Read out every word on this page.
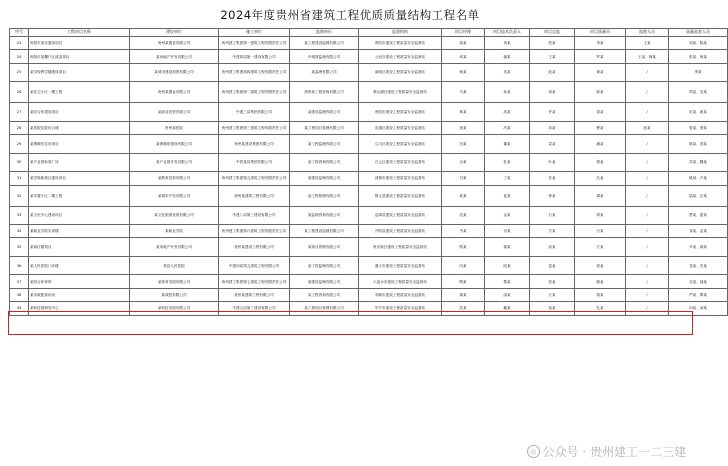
2024年度贵州省建筑工程优质质量结构工程名单
序号	工程项目名称	建设单位	施工单位	监理单位	监督机构	项目经理	项目技术负责人	项目总监	项目质量员	监理人员	质量监督人员
23	贵阳市某安置房项目	贵州某置业有限公司	贵州建工集团第一建筑工程有限责任公司	某工程建设监理有限公司	贵阳市建设工程质量安全监督站	周某	冉某	张某	李某	王某	刘某、陈某
24	贵阳市某棚户区改造项目	某房地产开发有限公司	中建四局第一建设有限公司	中城建监理有限公司	云岩区建设工程质量安全监督站	何某	谢某	王某	罗某	王某、韩某	张某、杨某
25	某学校教学楼建设项目	某城市建设投资有限公司	贵州建工集团第四建筑工程有限责任公司	某监理有限公司	南明区建设工程质量安全监督站	杨某	吴某	赵某	黄某	/	李某
26	某住宅小区一期工程	贵州某置业有限公司	贵州建工集团第二建筑工程有限责任公司	贵州某工程咨询有限公司	观山湖区建设工程质量安全监督站	马某	孙某	周某	陈某	/	郑某、吴某
27	某综合体建设项目	某商业投资有限公司	中建三局集团有限公司	某建设监理有限公司	贵阳市建设工程质量安全监督站	林某	高某	许某	梁某	/	宋某、唐某
28	某医院住院综合楼	贵州某医院	贵州建工集团第三建筑工程有限责任公司	某工程项目管理有限公司	花溪区建设工程质量安全监督站	徐某	冯某	邓某	曹某	彭某	曾某、萧某
29	某保障性住房项目	某保障房建设有限公司	贵州某建设集团有限公司	某工程监理有限公司	乌当区建设工程质量安全监督站	田某	董某	袁某	潘某	/	蒋某、蔡某
30	某产业园标准厂房	某产业园开发有限公司	中铁某局集团有限公司	某工程咨询有限公司	白云区建设工程质量安全监督站	余某	杜某	叶某	程某	/	苏某、魏某
31	某学校新校区建设项目	某教育投资有限公司	贵州建工集团第五建筑工程有限责任公司	某建设监理有限公司	清镇市建设工程质量安全监督站	吕某	丁某	任某	沈某	/	姚某、卢某
32	某安置小区二期工程	某城市开发有限公司	贵州某建筑工程有限公司	某工程管理有限公司	修文县建设工程质量安全监督站	姜某	崔某	钟某	谭某	/	陆某、汪某
33	某文化中心建设项目	某文化旅游发展有限公司	中建八局第三建设有限公司	某监理咨询有限公司	息烽县建设工程质量安全监督站	范某	金某	石某	廖某	/	贾某、夏某
34	某职业学院实训楼	某职业学院	贵州建工集团第六建筑工程有限责任公司	某工程建设监理有限公司	开阳县建设工程质量安全监督站	韦某	付某	方某	白某	/	邹某、孟某
35	某商住楼项目	某房地产开发有限公司	贵州某建设工程有限公司	某项目管理有限公司	贵安新区建设工程质量安全监督站	熊某	秦某	邱某	江某	/	尹某、薛某
36	某人民医院门诊楼	某县人民医院	中建四局第五建筑工程有限公司	某工程监理有限公司	遵义市建设工程质量安全监督站	闫某	段某	雷某	侯某	/	龙某、史某
37	某综合体育馆	某体育发展有限公司	贵州建工集团第七建筑工程有限责任公司	某建设监理有限公司	六盘水市建设工程质量安全监督站	陶某	黎某	贺某	顾某	/	毛某、郝某
38	某市政配套用房	某城投有限公司	贵州某建筑工程有限公司	某工程咨询有限公司	安顺市建设工程质量安全监督站	龚某	邵某	万某	钱某	/	严某、覃某
39	某科技园研发中心	某科技发展有限公司	中建五局第三建设有限公司	某工程项目管理有限公司	毕节市建设工程质量安全监督站	武某	戴某	莫某	孔某	/	向某、汤某
◎ 公众号 · 贵州建工一二三建
